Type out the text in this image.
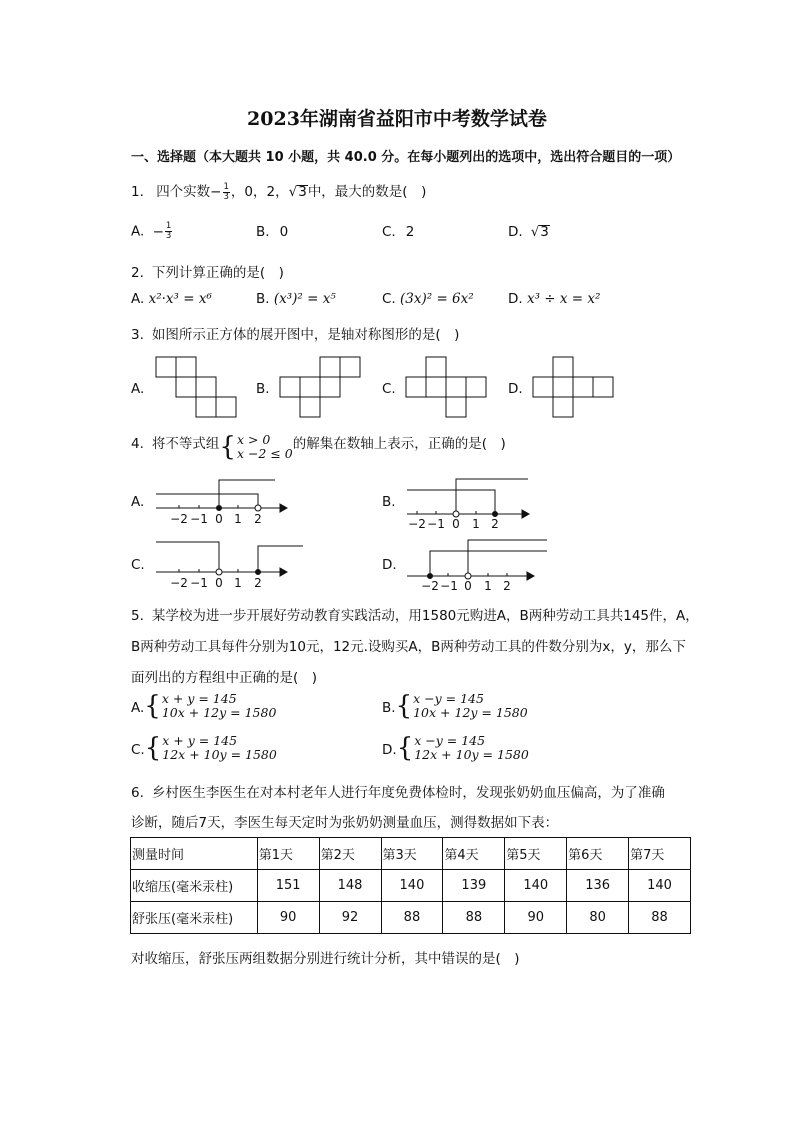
2023年湖南省益阳市中考数学试卷
一、选择题（本大题共 10 小题，共 40.0 分。在每小题列出的选项中，选出符合题目的一项）
1. 四个实数− $\frac{1}{3}$ ，0，2，√3中，最大的数是(　)
A. − $\frac{1}{3}$	B. 0	C. 2	D. √3
2. 下列计算正确的是(　)
A. x²·x³ = x⁶	B. (x³)² = x⁵	C. (3x)² = 6x²	D. x³ ÷ x = x²
3. 如图所示正方体的展开图中，是轴对称图形的是(　)
A.	B.	C.	D.
4. 将不等式组{ x > 0
x −2 ≤ 0
的解集在数轴上表示，正确的是(　)
A.	B.
C.	D.
−2 −1 0 1 2	−2 −1 0 1 2
−2 −1 0 1 2	−2 −1 0 1 2
5. 某学校为进一步开展好劳动教育实践活动，用1580元购进A，B两种劳动工具共145件，A，
B两种劳动工具每件分别为10元，12元.设购买A，B两种劳动工具的件数分别为x，y，那么下
面列出的方程组中正确的是(　)
A.{ x + y = 145
10x + 12y = 1580	B.{ x −y = 145
10x + 12y = 1580
C.{ x + y = 145
12x + 10y = 1580	D.{ x −y = 145
12x + 10y = 1580
6. 乡村医生李医生在对本村老年人进行年度免费体检时，发现张奶奶血压偏高，为了准确
诊断，随后7天，李医生每天定时为张奶奶测量血压，测得数据如下表：
测量时间	第1天	第2天	第3天	第4天	第5天	第6天	第7天
收缩压(毫米汞柱)	151	148	140	139	140	136	140
舒张压(毫米汞柱)	90	92	88	88	90	80	88
对收缩压，舒张压两组数据分别进行统计分析，其中错误的是(　)
